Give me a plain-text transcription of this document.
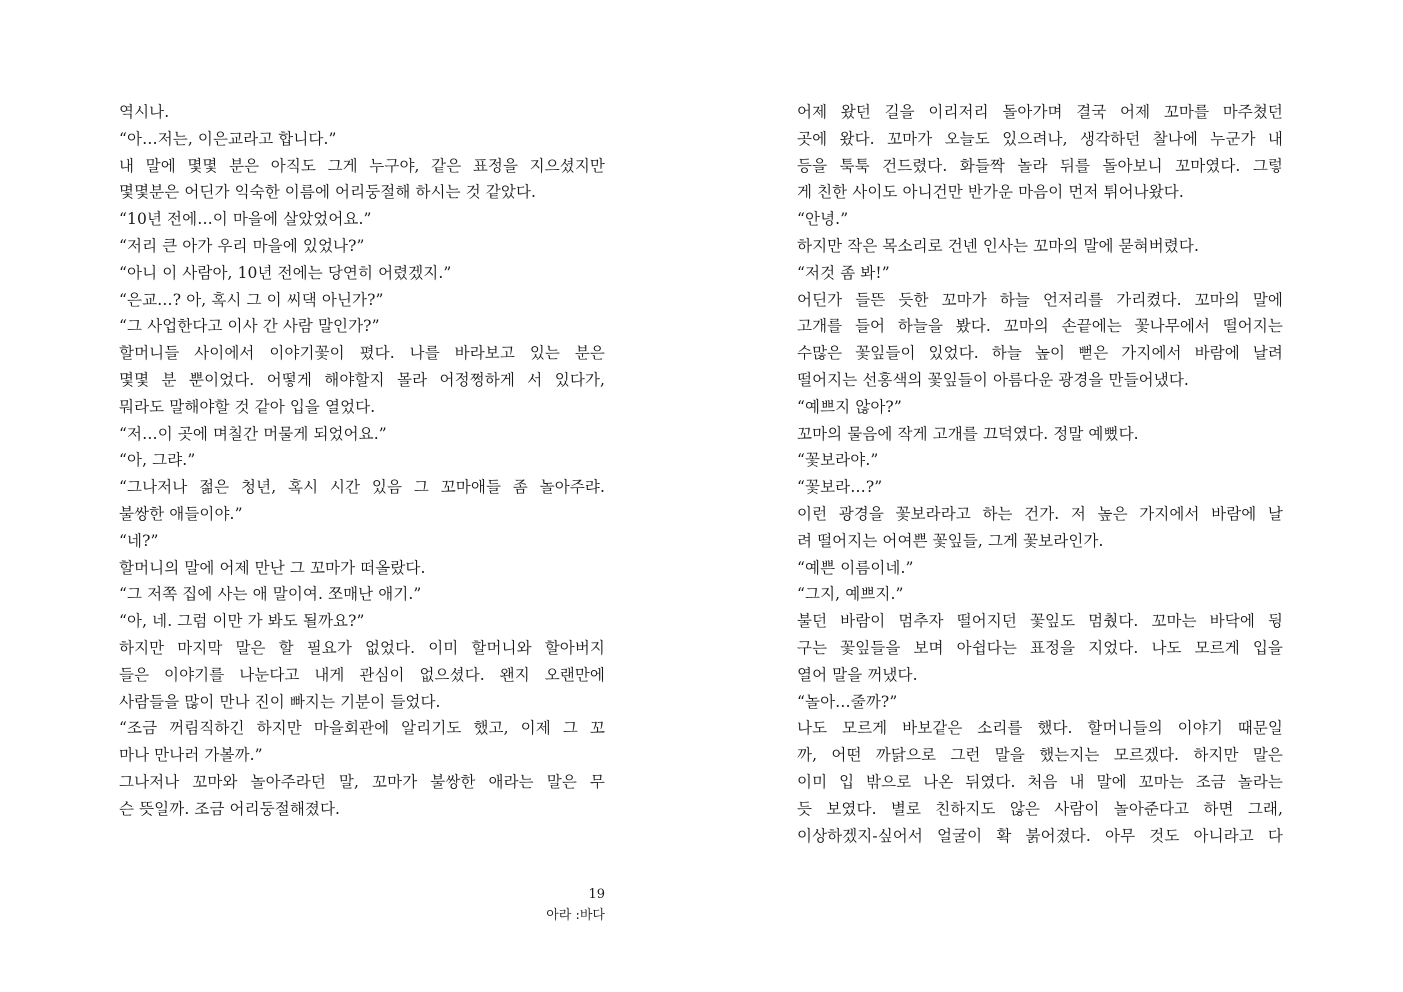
역시나.
“아…저는, 이은교라고 합니다.”
내 말에 몇몇 분은 아직도 그게 누구야, 같은 표정을 지으셨지만
몇몇분은 어딘가 익숙한 이름에 어리둥절해 하시는 것 같았다.
“10년 전에…이 마을에 살았었어요.”
“저리 큰 아가 우리 마을에 있었나?”
“아니 이 사람아, 10년 전에는 당연히 어렸겠지.”
“은교…? 아, 혹시 그 이 씨댁 아닌가?”
“그 사업한다고 이사 간 사람 말인가?”
할머니들 사이에서 이야기꽃이 폈다. 나를 바라보고 있는 분은
몇몇 분 뿐이었다. 어떻게 해야할지 몰라 어정쩡하게 서 있다가,
뭐라도 말해야할 것 같아 입을 열었다.
“저…이 곳에 며칠간 머물게 되었어요.”
“아, 그랴.”
“그나저나 젊은 청년, 혹시 시간 있음 그 꼬마애들 좀 놀아주랴.
불쌍한 애들이야.”
“네?”
할머니의 말에 어제 만난 그 꼬마가 떠올랐다.
“그 저쪽 집에 사는 애 말이여. 쪼매난 애기.”
“아, 네. 그럼 이만 가 봐도 될까요?”
하지만 마지막 말은 할 필요가 없었다. 이미 할머니와 할아버지
들은 이야기를 나눈다고 내게 관심이 없으셨다. 왠지 오랜만에
사람들을 많이 만나 진이 빠지는 기분이 들었다.
“조금 꺼림직하긴 하지만 마을회관에 알리기도 했고, 이제 그 꼬
마나 만나러 가볼까.”
그나저나 꼬마와 놀아주라던 말, 꼬마가 불쌍한 애라는 말은 무
슨 뜻일까. 조금 어리둥절해졌다.
19
아라 :바다
어제 왔던 길을 이리저리 돌아가며 결국 어제 꼬마를 마주쳤던
곳에 왔다. 꼬마가 오늘도 있으려나, 생각하던 찰나에 누군가 내
등을 툭툭 건드렸다. 화들짝 놀라 뒤를 돌아보니 꼬마였다. 그렇
게 친한 사이도 아니건만 반가운 마음이 먼저 튀어나왔다.
“안녕.”
하지만 작은 목소리로 건넨 인사는 꼬마의 말에 묻혀버렸다.
“저것 좀 봐!”
어딘가 들뜬 듯한 꼬마가 하늘 언저리를 가리켰다. 꼬마의 말에
고개를 들어 하늘을 봤다. 꼬마의 손끝에는 꽃나무에서 떨어지는
수많은 꽃잎들이 있었다. 하늘 높이 뻗은 가지에서 바람에 날려
떨어지는 선홍색의 꽃잎들이 아름다운 광경을 만들어냈다.
“예쁘지 않아?”
꼬마의 물음에 작게 고개를 끄덕였다. 정말 예뻤다.
“꽃보라야.”
“꽃보라…?”
이런 광경을 꽃보라라고 하는 건가. 저 높은 가지에서 바람에 날
려 떨어지는 어여쁜 꽃잎들, 그게 꽃보라인가.
“예쁜 이름이네.”
“그지, 예쁘지.”
불던 바람이 멈추자 떨어지던 꽃잎도 멈췄다. 꼬마는 바닥에 뒹
구는 꽃잎들을 보며 아쉽다는 표정을 지었다. 나도 모르게 입을
열어 말을 꺼냈다.
“놀아…줄까?”
나도 모르게 바보같은 소리를 했다. 할머니들의 이야기 때문일
까, 어떤 까닭으로 그런 말을 했는지는 모르겠다. 하지만 말은
이미 입 밖으로 나온 뒤였다. 처음 내 말에 꼬마는 조금 놀라는
듯 보였다. 별로 친하지도 않은 사람이 놀아준다고 하면 그래,
이상하겠지-싶어서 얼굴이 확 붉어졌다. 아무 것도 아니라고 다
